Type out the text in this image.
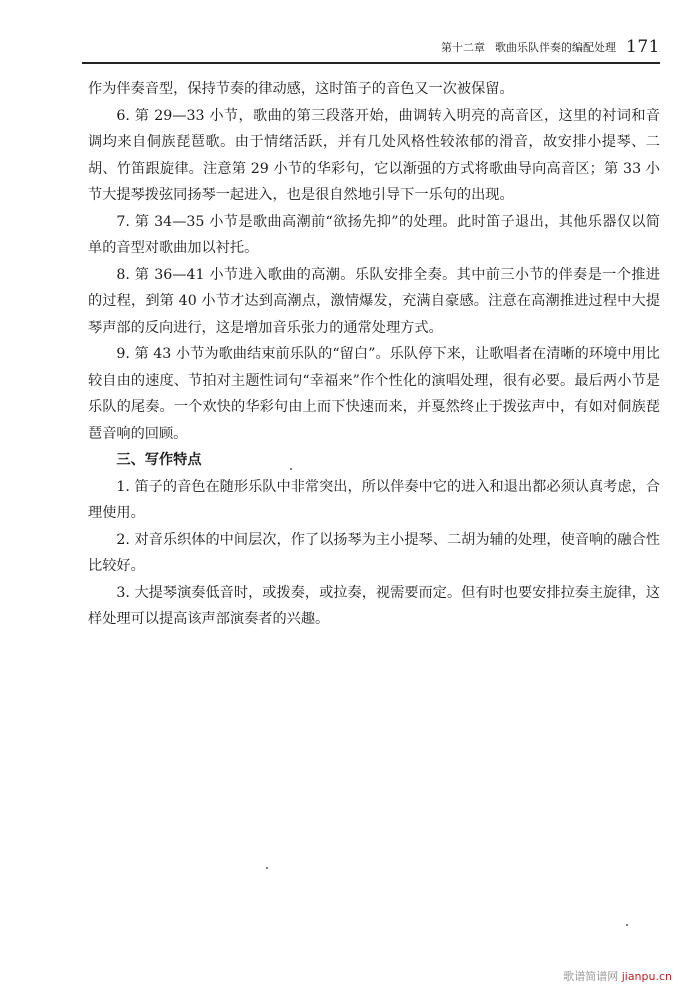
第十二章 歌曲乐队伴奏的编配处理 171

作为伴奏音型，保持节奏的律动感，这时笛子的音色又一次被保留。

6. 第 29—33 小节，歌曲的第三段落开始，曲调转入明亮的高音区，这里的衬词和音调均来自侗族琵琶歌。由于情绪活跃，并有几处风格性较浓郁的滑音，故安排小提琴、二胡、竹笛跟旋律。注意第 29 小节的华彩句，它以渐强的方式将歌曲导向高音区；第 33 小节大提琴拨弦同扬琴一起进入，也是很自然地引导下一乐句的出现。

7. 第 34—35 小节是歌曲高潮前“欲扬先抑”的处理。此时笛子退出，其他乐器仅以简单的音型对歌曲加以衬托。

8. 第 36—41 小节进入歌曲的高潮。乐队安排全奏。其中前三小节的伴奏是一个推进的过程，到第 40 小节才达到高潮点，激情爆发，充满自豪感。注意在高潮推进过程中大提琴声部的反向进行，这是增加音乐张力的通常处理方式。

9. 第 43 小节为歌曲结束前乐队的“留白”。乐队停下来，让歌唱者在清晰的环境中用比较自由的速度、节拍对主题性词句“幸福来”作个性化的演唱处理，很有必要。最后两小节是乐队的尾奏。一个欢快的华彩句由上而下快速而来，并戛然终止于拨弦声中，有如对侗族琵琶音响的回顾。

三、写作特点

1. 笛子的音色在随形乐队中非常突出，所以伴奏中它的进入和退出都必须认真考虑，合理使用。

2. 对音乐织体的中间层次，作了以扬琴为主小提琴、二胡为辅的处理，使音响的融合性比较好。

3. 大提琴演奏低音时，或拨奏，或拉奏，视需要而定。但有时也要安排拉奏主旋律，这样处理可以提高该声部演奏者的兴趣。

歌谱简谱网 jianpu.cn
